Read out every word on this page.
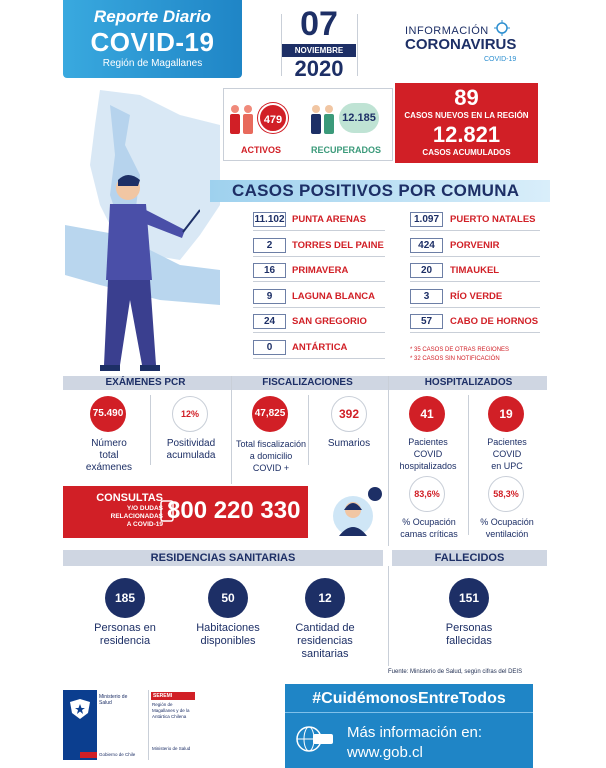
Reporte Diario
COVID-19
Región de Magallanes
07
NOVIEMBRE
2020
INFORMACIÓN
CORONAVIRUS
COVID-19
479
ACTIVOS
12.185
RECUPERADOS
89
CASOS NUEVOS EN LA REGIÓN
12.821
CASOS ACUMULADOS
CASOS POSITIVOS POR COMUNA
11.102 PUNTA ARENAS
2	TORRES DEL PAINE
16	PRIMAVERA
9	LAGUNA BLANCA
24	SAN GREGORIO
0	ANTÁRTICA
1.097	PUERTO NATALES
424	PORVENIR
20	TIMAUKEL
3	RÍO VERDE
57	CABO DE HORNOS
* 35 CASOS DE OTRAS REGIONES
* 32 CASOS SIN NOTIFICACIÓN
EXÁMENES PCR	FISCALIZACIONES	HOSPITALIZADOS
75.490
Número
total
exámenes
12%
Positividad
acumulada
47,825
Total fiscalización
a domicilio
COVID +
392
Sumarios
41
Pacientes
COVID
hospitalizados
19
Pacientes
COVID
en UPC
83,6%
% Ocupación
camas críticas
58,3%
% Ocupación
ventilación
CONSULTAS
Y/O DUDAS
RELACIONADAS
A COVID-19
800 220 330
RESIDENCIAS SANITARIAS	FALLECIDOS
185
Personas en
residencia
50
Habitaciones
disponibles
12
Cantidad de
residencias
sanitarias
151
Personas
fallecidas
Fuente: Ministerio de Salud, según cifras del DEIS
Ministerio de Salud
Gobierno de Chile
SEREMI
Región de Magallanes y de la Antártica Chilena
Ministerio de Salud
#CuidémonosEntreTodos
Más información en:
www.gob.cl
